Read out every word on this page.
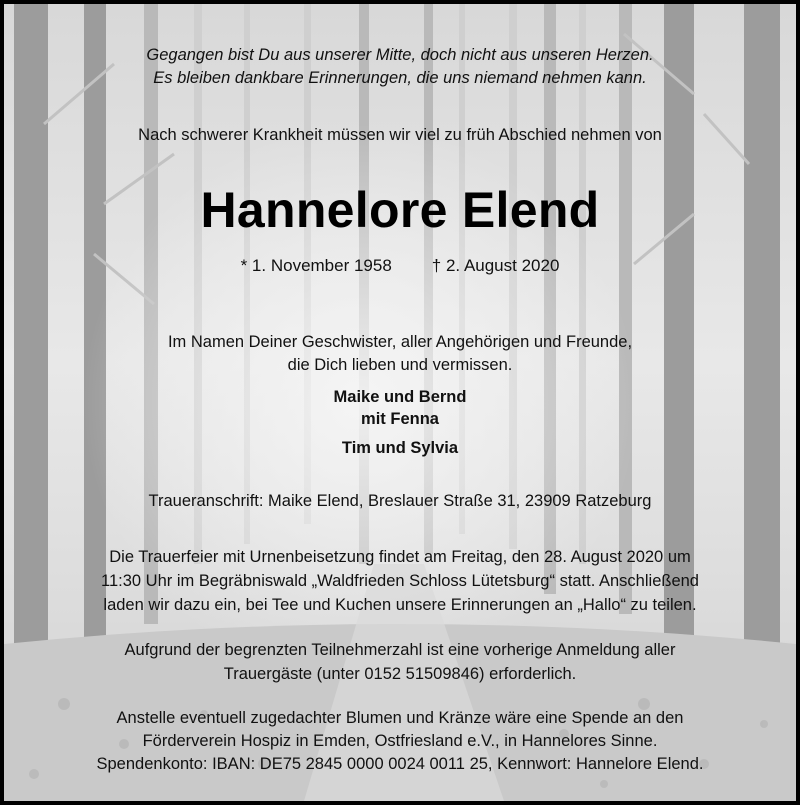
Gegangen bist Du aus unserer Mitte, doch nicht aus unseren Herzen.
Es bleiben dankbare Erinnerungen, die uns niemand nehmen kann.
Nach schwerer Krankheit müssen wir viel zu früh Abschied nehmen von
Hannelore Elend
* 1. November 1958 † 2. August 2020
Im Namen Deiner Geschwister, aller Angehörigen und Freunde,
die Dich lieben und vermissen.
Maike und Bernd
mit Fenna
Tim und Sylvia
Traueranschrift: Maike Elend, Breslauer Straße 31, 23909 Ratzeburg
Die Trauerfeier mit Urnenbeisetzung findet am Freitag, den 28. August 2020 um
11:30 Uhr im Begräbniswald „Waldfrieden Schloss Lütetsburg“ statt. Anschließend
laden wir dazu ein, bei Tee und Kuchen unsere Erinnerungen an „Hallo“ zu teilen.
Aufgrund der begrenzten Teilnehmerzahl ist eine vorherige Anmeldung aller
Trauergäste (unter 0152 51509846) erforderlich.
Anstelle eventuell zugedachter Blumen und Kränze wäre eine Spende an den
Förderverein Hospiz in Emden, Ostfriesland e.V., in Hannelores Sinne.
Spendenkonto: IBAN: DE75 2845 0000 0024 0011 25, Kennwort: Hannelore Elend.
